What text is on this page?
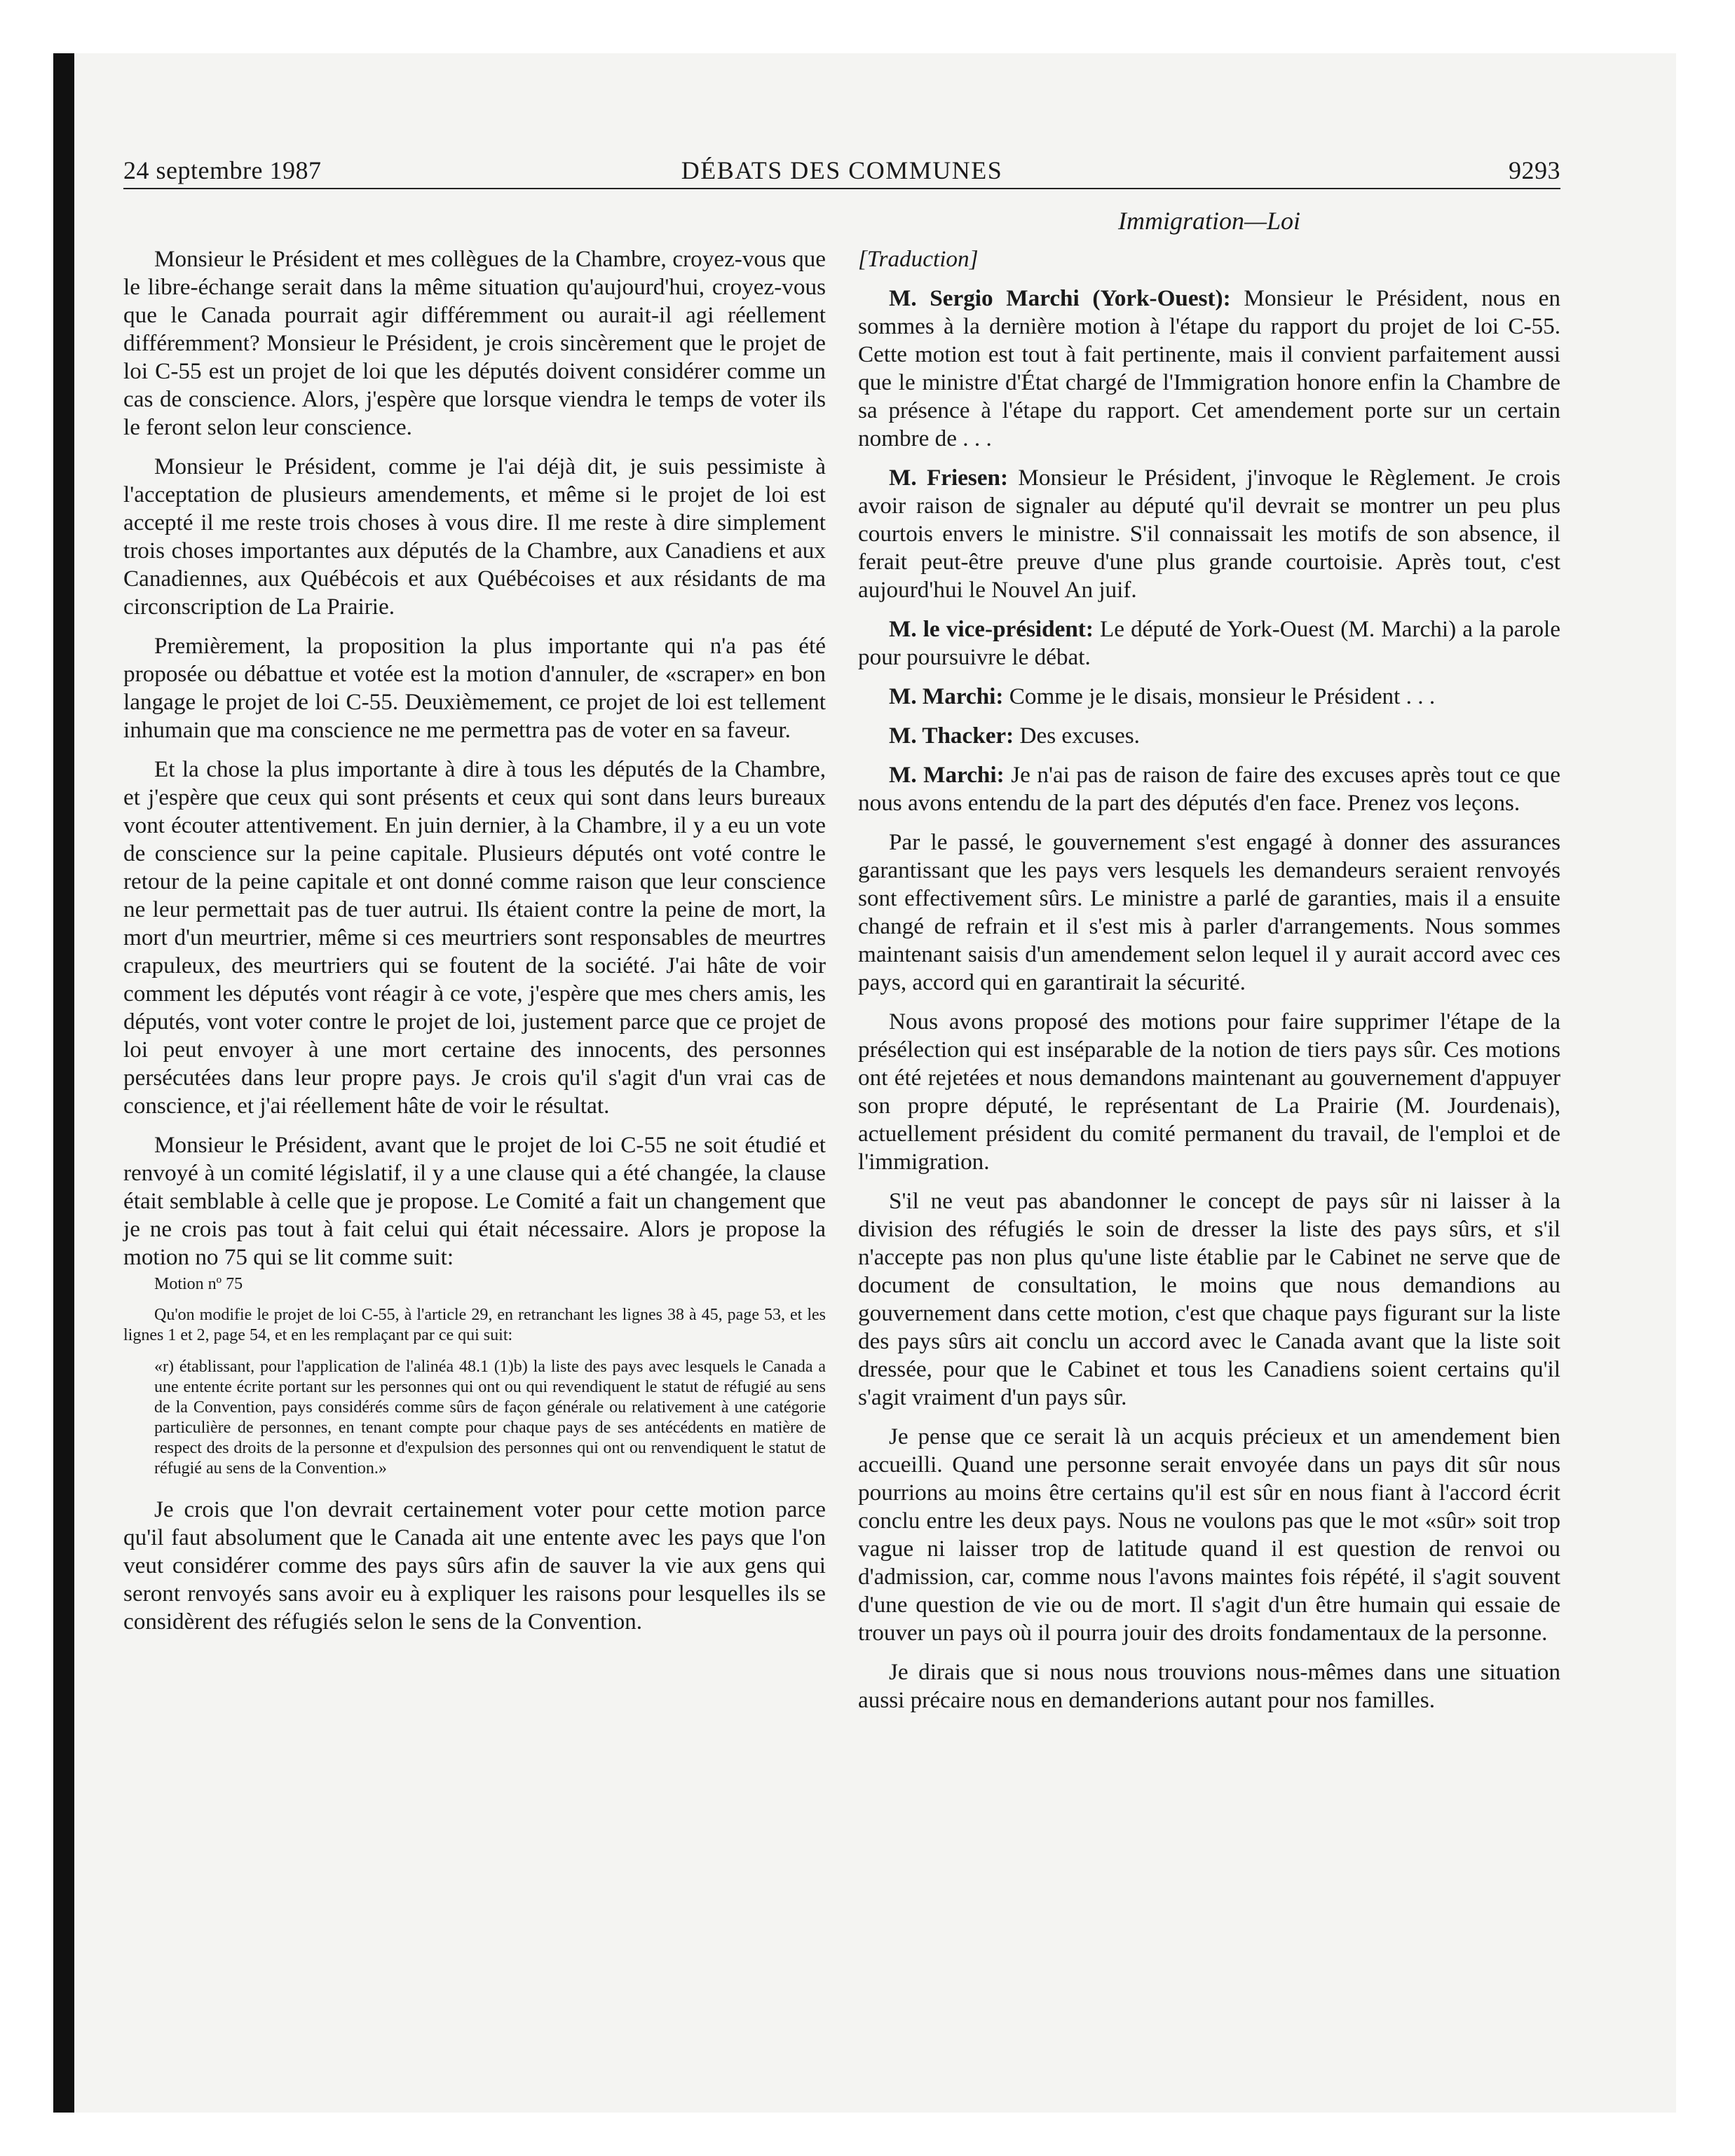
24 septembre 1987	DÉBATS DES COMMUNES	9293
Immigration—Loi

Monsieur le Président et mes collègues de la Chambre, croyez-vous que le libre-échange serait dans la même situation qu'aujourd'hui, croyez-vous que le Canada pourrait agir différemment ou aurait-il agi réellement différemment? Monsieur le Président, je crois sincèrement que le projet de loi C-55 est un projet de loi que les députés doivent considérer comme un cas de conscience. Alors, j'espère que lorsque viendra le temps de voter ils le feront selon leur conscience.

Monsieur le Président, comme je l'ai déjà dit, je suis pessimiste à l'acceptation de plusieurs amendements, et même si le projet de loi est accepté il me reste trois choses à vous dire. Il me reste à dire simplement trois choses importantes aux députés de la Chambre, aux Canadiens et aux Canadiennes, aux Québécois et aux Québécoises et aux résidants de ma circonscription de La Prairie.

Premièrement, la proposition la plus importante qui n'a pas été proposée ou débattue et votée est la motion d'annuler, de «scraper» en bon langage le projet de loi C-55. Deuxièmement, ce projet de loi est tellement inhumain que ma conscience ne me permettra pas de voter en sa faveur.

Et la chose la plus importante à dire à tous les députés de la Chambre, et j'espère que ceux qui sont présents et ceux qui sont dans leurs bureaux vont écouter attentivement. En juin dernier, à la Chambre, il y a eu un vote de conscience sur la peine capitale. Plusieurs députés ont voté contre le retour de la peine capitale et ont donné comme raison que leur conscience ne leur permettait pas de tuer autrui. Ils étaient contre la peine de mort, la mort d'un meurtrier, même si ces meurtriers sont responsables de meurtres crapuleux, des meurtriers qui se foutent de la société. J'ai hâte de voir comment les députés vont réagir à ce vote, j'espère que mes chers amis, les députés, vont voter contre le projet de loi, justement parce que ce projet de loi peut envoyer à une mort certaine des innocents, des personnes persécutées dans leur propre pays. Je crois qu'il s'agit d'un vrai cas de conscience, et j'ai réellement hâte de voir le résultat.

Monsieur le Président, avant que le projet de loi C-55 ne soit étudié et renvoyé à un comité législatif, il y a une clause qui a été changée, la clause était semblable à celle que je propose. Le Comité a fait un changement que je ne crois pas tout à fait celui qui était nécessaire. Alors je propose la motion no 75 qui se lit comme suit:

Motion nº 75

Qu'on modifie le projet de loi C-55, à l'article 29, en retranchant les lignes 38 à 45, page 53, et les lignes 1 et 2, page 54, et en les remplaçant par ce qui suit:

«r) établissant, pour l'application de l'alinéa 48.1 (1)b) la liste des pays avec lesquels le Canada a une entente écrite portant sur les personnes qui ont ou qui revendiquent le statut de réfugié au sens de la Convention, pays considérés comme sûrs de façon générale ou relativement à une catégorie particulière de personnes, en tenant compte pour chaque pays de ses antécédents en matière de respect des droits de la personne et d'expulsion des personnes qui ont ou renvendiquent le statut de réfugié au sens de la Convention.»

Je crois que l'on devrait certainement voter pour cette motion parce qu'il faut absolument que le Canada ait une entente avec les pays que l'on veut considérer comme des pays sûrs afin de sauver la vie aux gens qui seront renvoyés sans avoir eu à expliquer les raisons pour lesquelles ils se considèrent des réfugiés selon le sens de la Convention.

[Traduction]

M. Sergio Marchi (York-Ouest): Monsieur le Président, nous en sommes à la dernière motion à l'étape du rapport du projet de loi C-55. Cette motion est tout à fait pertinente, mais il convient parfaitement aussi que le ministre d'État chargé de l'Immigration honore enfin la Chambre de sa présence à l'étape du rapport. Cet amendement porte sur un certain nombre de . . .

M. Friesen: Monsieur le Président, j'invoque le Règlement. Je crois avoir raison de signaler au député qu'il devrait se montrer un peu plus courtois envers le ministre. S'il connaissait les motifs de son absence, il ferait peut-être preuve d'une plus grande courtoisie. Après tout, c'est aujourd'hui le Nouvel An juif.

M. le vice-président: Le député de York-Ouest (M. Marchi) a la parole pour poursuivre le débat.

M. Marchi: Comme je le disais, monsieur le Président . . .

M. Thacker: Des excuses.

M. Marchi: Je n'ai pas de raison de faire des excuses après tout ce que nous avons entendu de la part des députés d'en face. Prenez vos leçons.

Par le passé, le gouvernement s'est engagé à donner des assurances garantissant que les pays vers lesquels les demandeurs seraient renvoyés sont effectivement sûrs. Le ministre a parlé de garanties, mais il a ensuite changé de refrain et il s'est mis à parler d'arrangements. Nous sommes maintenant saisis d'un amendement selon lequel il y aurait accord avec ces pays, accord qui en garantirait la sécurité.

Nous avons proposé des motions pour faire supprimer l'étape de la présélection qui est inséparable de la notion de tiers pays sûr. Ces motions ont été rejetées et nous demandons maintenant au gouvernement d'appuyer son propre député, le représentant de La Prairie (M. Jourdenais), actuellement président du comité permanent du travail, de l'emploi et de l'immigration.

S'il ne veut pas abandonner le concept de pays sûr ni laisser à la division des réfugiés le soin de dresser la liste des pays sûrs, et s'il n'accepte pas non plus qu'une liste établie par le Cabinet ne serve que de document de consultation, le moins que nous demandions au gouvernement dans cette motion, c'est que chaque pays figurant sur la liste des pays sûrs ait conclu un accord avec le Canada avant que la liste soit dressée, pour que le Cabinet et tous les Canadiens soient certains qu'il s'agit vraiment d'un pays sûr.

Je pense que ce serait là un acquis précieux et un amendement bien accueilli. Quand une personne serait envoyée dans un pays dit sûr nous pourrions au moins être certains qu'il est sûr en nous fiant à l'accord écrit conclu entre les deux pays. Nous ne voulons pas que le mot «sûr» soit trop vague ni laisser trop de latitude quand il est question de renvoi ou d'admission, car, comme nous l'avons maintes fois répété, il s'agit souvent d'une question de vie ou de mort. Il s'agit d'un être humain qui essaie de trouver un pays où il pourra jouir des droits fondamentaux de la personne.

Je dirais que si nous nous trouvions nous-mêmes dans une situation aussi précaire nous en demanderions autant pour nos familles.
